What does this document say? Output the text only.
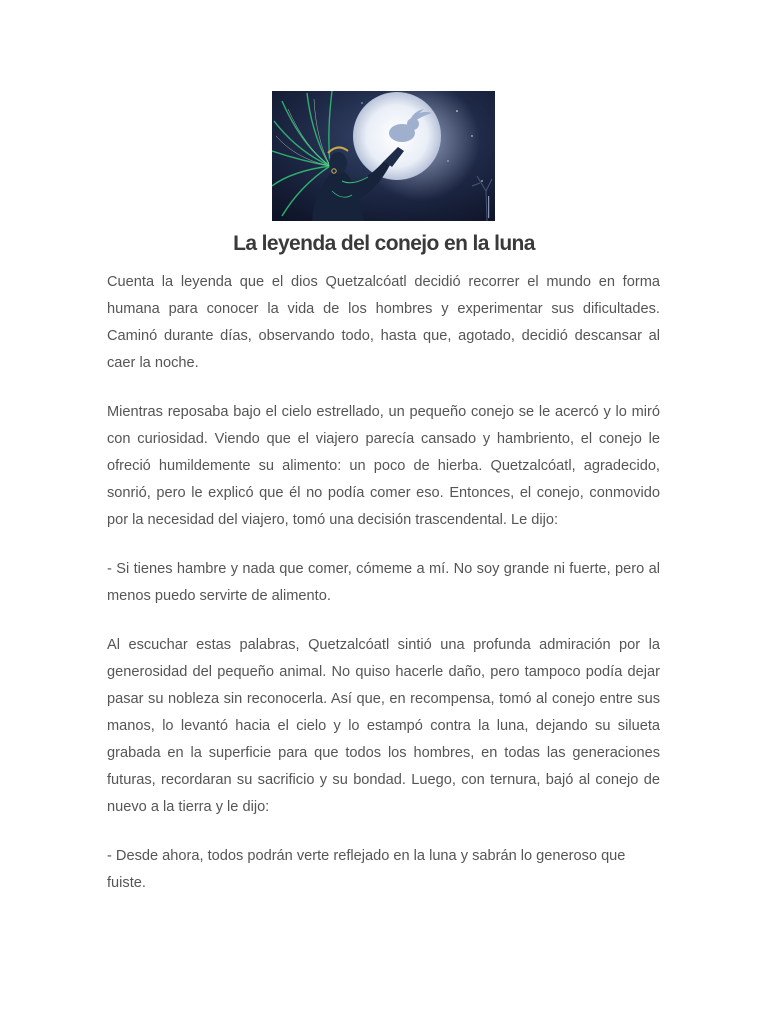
La leyenda del conejo en la luna

Cuenta la leyenda que el dios Quetzalcóatl decidió recorrer el mundo en forma humana para conocer la vida de los hombres y experimentar sus dificultades. Caminó durante días, observando todo, hasta que, agotado, decidió descansar al caer la noche.

Mientras reposaba bajo el cielo estrellado, un pequeño conejo se le acercó y lo miró con curiosidad. Viendo que el viajero parecía cansado y hambriento, el conejo le ofreció humildemente su alimento: un poco de hierba. Quetzalcóatl, agradecido, sonrió, pero le explicó que él no podía comer eso. Entonces, el conejo, conmovido por la necesidad del viajero, tomó una decisión trascendental. Le dijo:

- Si tienes hambre y nada que comer, cómeme a mí. No soy grande ni fuerte, pero al menos puedo servirte de alimento.

Al escuchar estas palabras, Quetzalcóatl sintió una profunda admiración por la generosidad del pequeño animal. No quiso hacerle daño, pero tampoco podía dejar pasar su nobleza sin reconocerla. Así que, en recompensa, tomó al conejo entre sus manos, lo levantó hacia el cielo y lo estampó contra la luna, dejando su silueta grabada en la superficie para que todos los hombres, en todas las generaciones futuras, recordaran su sacrificio y su bondad. Luego, con ternura, bajó al conejo de nuevo a la tierra y le dijo:

- Desde ahora, todos podrán verte reflejado en la luna y sabrán lo generoso que fuiste.
